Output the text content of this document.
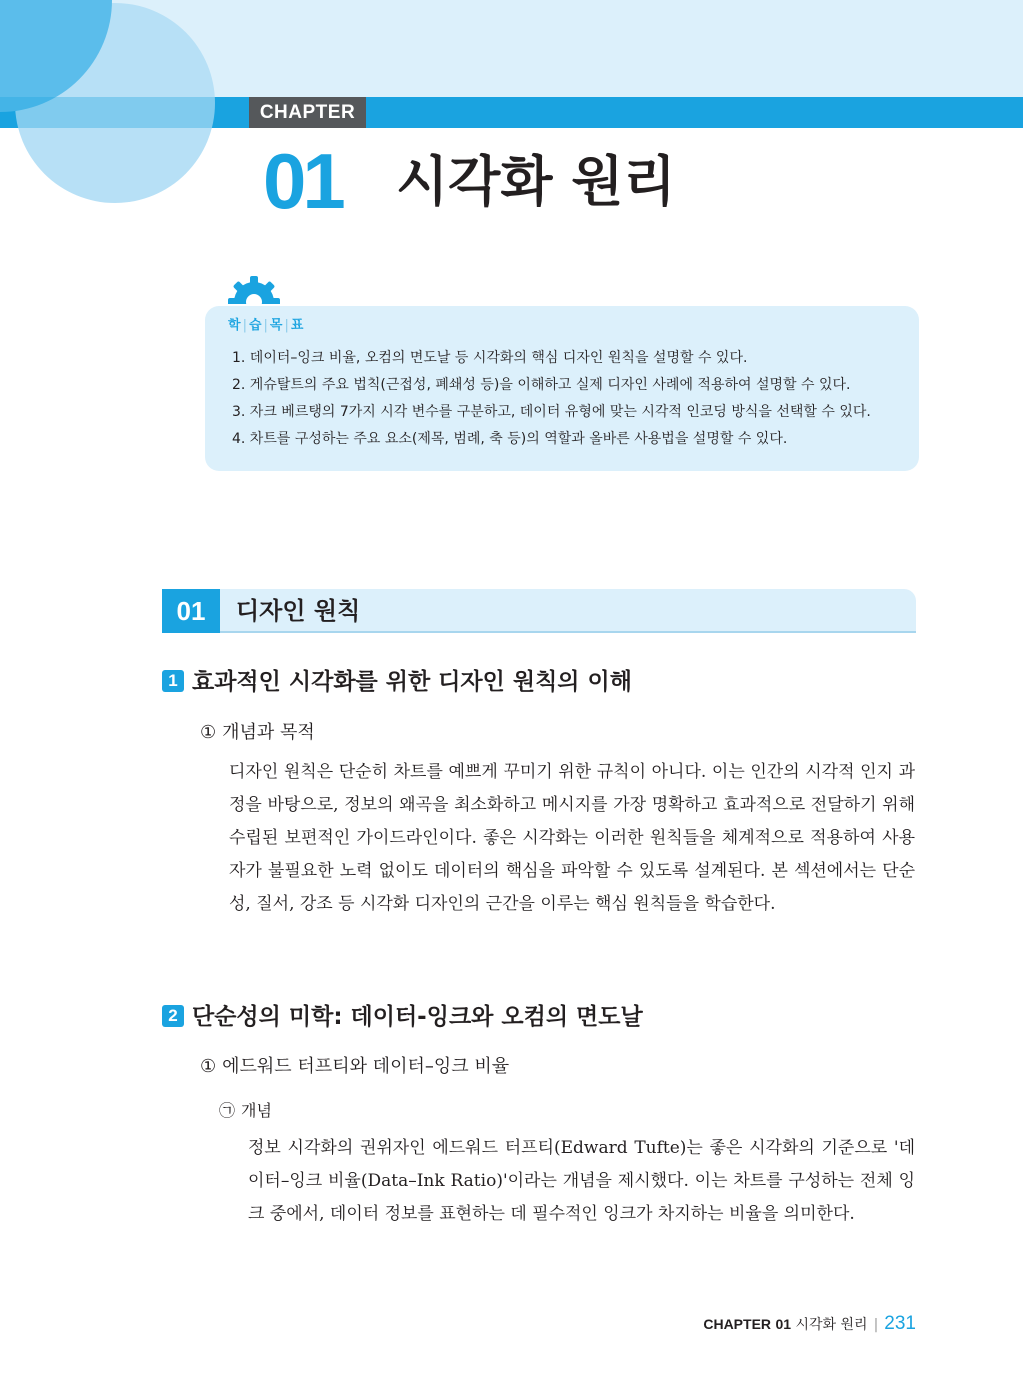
CHAPTER
01 시각화 원리
학 | 습 | 목 | 표
1. 데이터–잉크 비율, 오컴의 면도날 등 시각화의 핵심 디자인 원칙을 설명할 수 있다.
2. 게슈탈트의 주요 법칙(근접성, 폐쇄성 등)을 이해하고 실제 디자인 사례에 적용하여 설명할 수 있다.
3. 자크 베르탱의 7가지 시각 변수를 구분하고, 데이터 유형에 맞는 시각적 인코딩 방식을 선택할 수 있다.
4. 차트를 구성하는 주요 요소(제목, 범례, 축 등)의 역할과 올바른 사용법을 설명할 수 있다.
01	디자인 원칙
1 효과적인 시각화를 위한 디자인 원칙의 이해
① 개념과 목적

디자인 원칙은 단순히 차트를 예쁘게 꾸미기 위한 규칙이 아니다. 이는 인간의 시각적 인지 과정을 바탕으로, 정보의 왜곡을 최소화하고 메시지를 가장 명확하고 효과적으로 전달하기 위해 수립된 보편적인 가이드라인이다. 좋은 시각화는 이러한 원칙들을 체계적으로 적용하여 사용자가 불필요한 노력 없이도 데이터의 핵심을 파악할 수 있도록 설계된다. 본 섹션에서는 단순성, 질서, 강조 등 시각화 디자인의 근간을 이루는 핵심 원칙들을 학습한다.

2 단순성의 미학: 데이터-잉크와 오컴의 면도날
① 에드워드 터프티와 데이터–잉크 비율
㉠ 개념

정보 시각화의 권위자인 에드워드 터프티(Edward Tufte)는 좋은 시각화의 기준으로 '데이터–잉크 비율(Data–Ink Ratio)'이라는 개념을 제시했다. 이는 차트를 구성하는 전체 잉크 중에서, 데이터 정보를 표현하는 데 필수적인 잉크가 차지하는 비율을 의미한다.

CHAPTER 01 시각화 원리 | 231
